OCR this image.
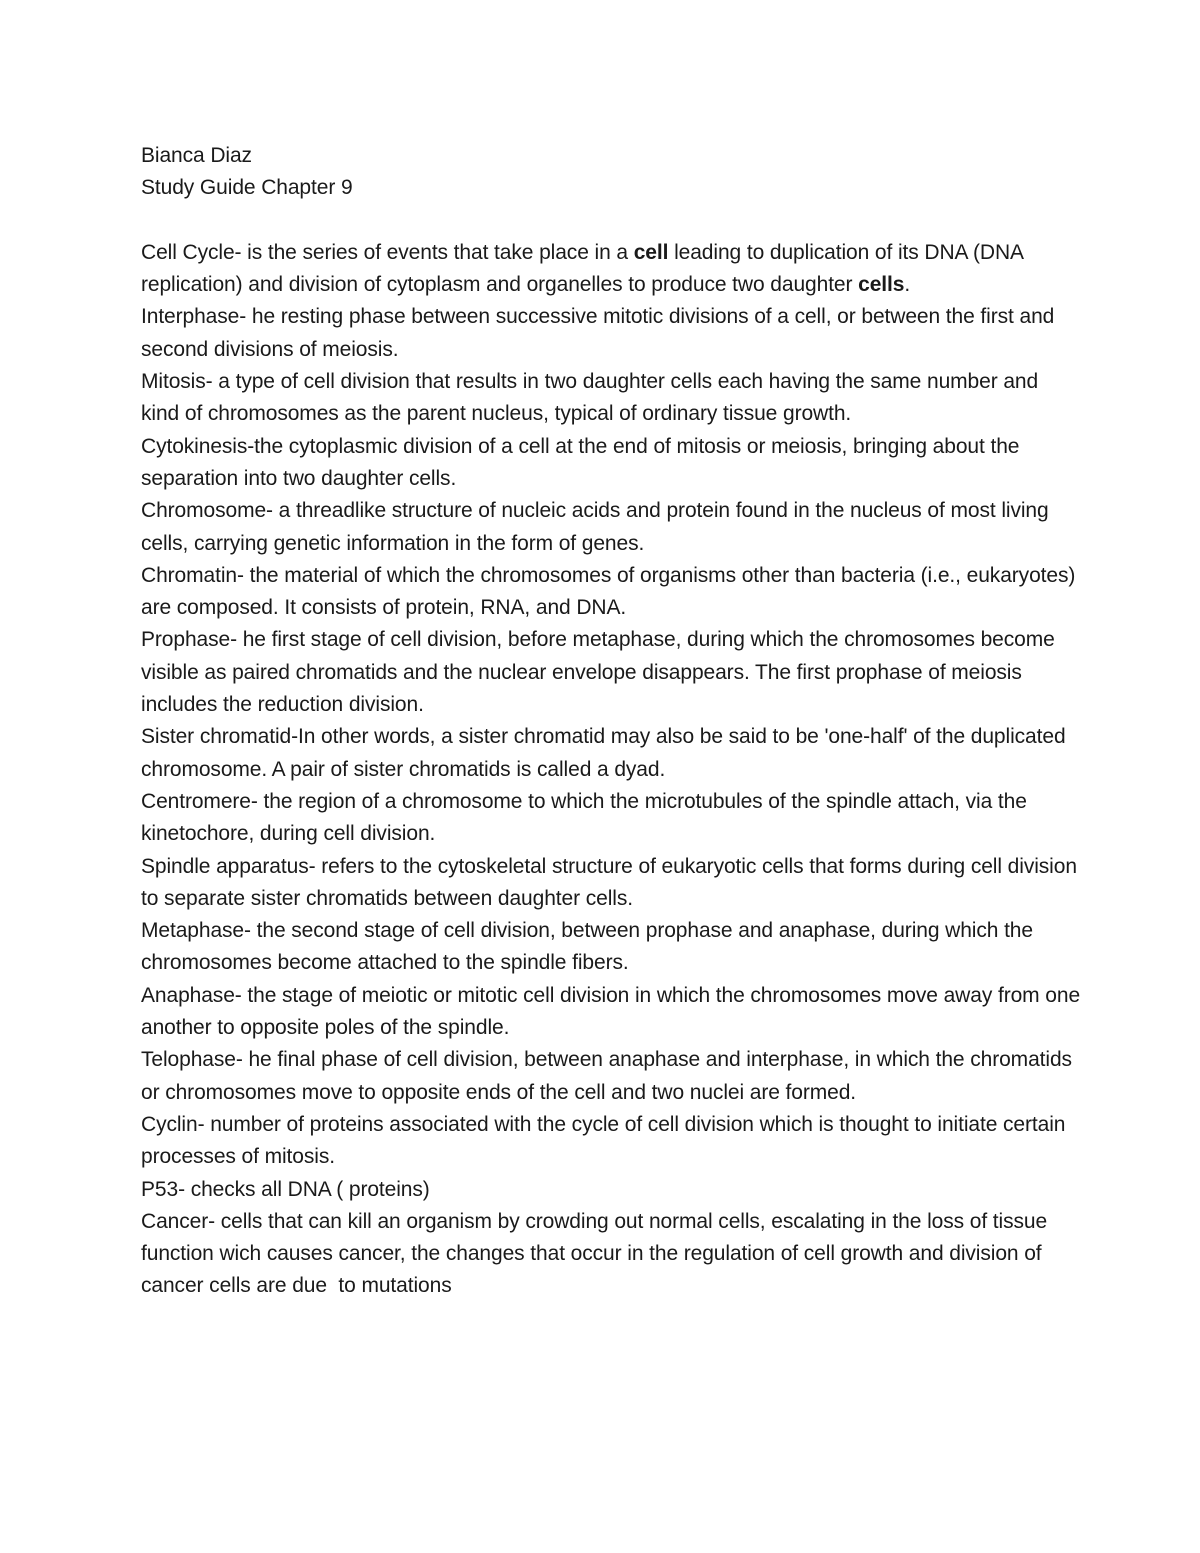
Bianca Diaz

Study Guide Chapter 9

Cell Cycle- is the series of events that take place in a cell leading to duplication of its DNA (DNA replication) and division of cytoplasm and organelles to produce two daughter cells.

Interphase- he resting phase between successive mitotic divisions of a cell, or between the first and second divisions of meiosis.

Mitosis- a type of cell division that results in two daughter cells each having the same number and kind of chromosomes as the parent nucleus, typical of ordinary tissue growth.

Cytokinesis-the cytoplasmic division of a cell at the end of mitosis or meiosis, bringing about the separation into two daughter cells.

Chromosome- a threadlike structure of nucleic acids and protein found in the nucleus of most living cells, carrying genetic information in the form of genes.

Chromatin- the material of which the chromosomes of organisms other than bacteria (i.e., eukaryotes) are composed. It consists of protein, RNA, and DNA.

Prophase- he first stage of cell division, before metaphase, during which the chromosomes become visible as paired chromatids and the nuclear envelope disappears. The first prophase of meiosis includes the reduction division.

Sister chromatid-In other words, a sister chromatid may also be said to be 'one-half' of the duplicated chromosome. A pair of sister chromatids is called a dyad.

Centromere- the region of a chromosome to which the microtubules of the spindle attach, via the kinetochore, during cell division.

Spindle apparatus- refers to the cytoskeletal structure of eukaryotic cells that forms during cell division to separate sister chromatids between daughter cells.

Metaphase- the second stage of cell division, between prophase and anaphase, during which the chromosomes become attached to the spindle fibers.

Anaphase- the stage of meiotic or mitotic cell division in which the chromosomes move away from one another to opposite poles of the spindle.

Telophase- he final phase of cell division, between anaphase and interphase, in which the chromatids or chromosomes move to opposite ends of the cell and two nuclei are formed.

Cyclin- number of proteins associated with the cycle of cell division which is thought to initiate certain processes of mitosis.

P53- checks all DNA ( proteins)

Cancer- cells that can kill an organism by crowding out normal cells, escalating in the loss of tissue function wich causes cancer, the changes that occur in the regulation of cell growth and division of cancer cells are due  to mutations
